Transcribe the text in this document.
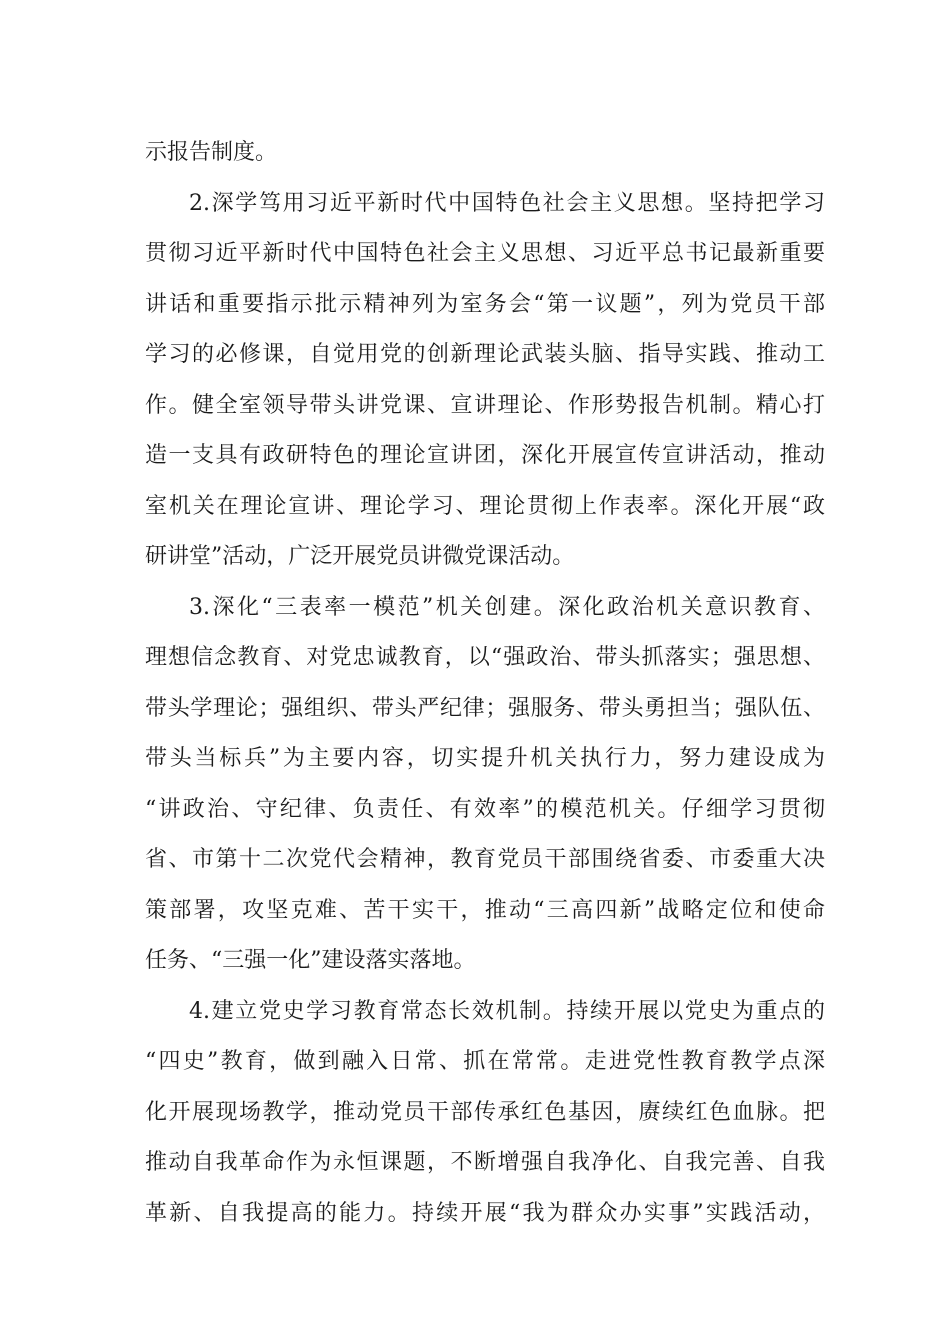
示报告制度。
2.深学笃用习近平新时代中国特色社会主义思想。坚持把学习
贯彻习近平新时代中国特色社会主义思想、习近平总书记最新重要
讲话和重要指示批示精神列为室务会“第一议题”，列为党员干部
学习的必修课，自觉用党的创新理论武装头脑、指导实践、推动工
作。健全室领导带头讲党课、宣讲理论、作形势报告机制。精心打
造一支具有政研特色的理论宣讲团，深化开展宣传宣讲活动，推动
室机关在理论宣讲、理论学习、理论贯彻上作表率。深化开展“政
研讲堂”活动，广泛开展党员讲微党课活动。
3.深化“三表率一模范”机关创建。深化政治机关意识教育、
理想信念教育、对党忠诚教育，以“强政治、带头抓落实；强思想、
带头学理论；强组织、带头严纪律；强服务、带头勇担当；强队伍、
带头当标兵”为主要内容，切实提升机关执行力，努力建设成为
“讲政治、守纪律、负责任、有效率”的模范机关。仔细学习贯彻
省、市第十二次党代会精神，教育党员干部围绕省委、市委重大决
策部署，攻坚克难、苦干实干，推动“三高四新”战略定位和使命
任务、“三强一化”建设落实落地。
4.建立党史学习教育常态长效机制。持续开展以党史为重点的
“四史”教育，做到融入日常、抓在常常。走进党性教育教学点深
化开展现场教学，推动党员干部传承红色基因，赓续红色血脉。把
推动自我革命作为永恒课题，不断增强自我净化、自我完善、自我
革新、自我提高的能力。持续开展“我为群众办实事”实践活动，
